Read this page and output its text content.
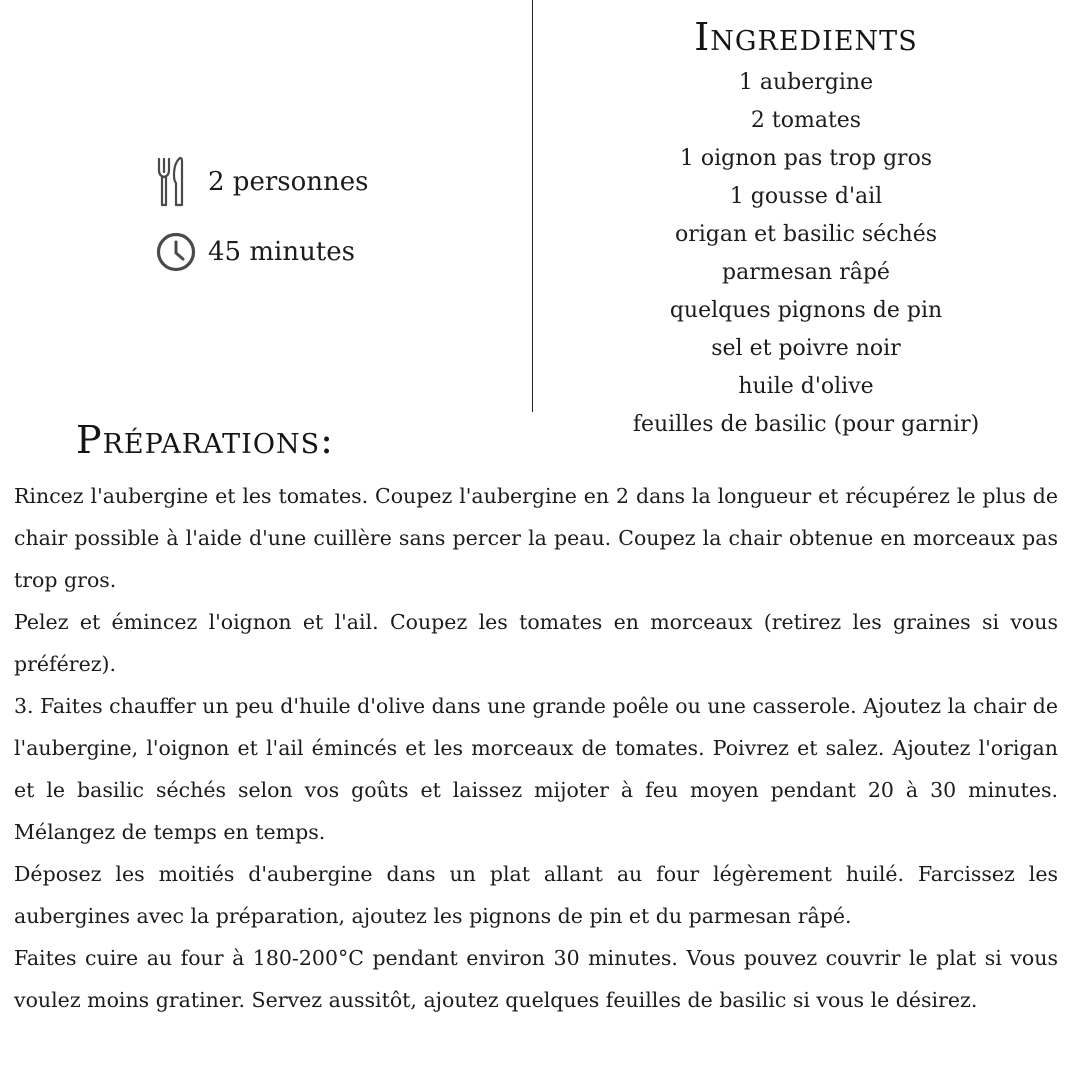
2 personnes
45 minutes
Ingredients
1 aubergine
2 tomates
1 oignon pas trop gros
1 gousse d'ail
origan et basilic séchés
parmesan râpé
quelques pignons de pin
sel et poivre noir
huile d'olive
feuilles de basilic (pour garnir)
Préparations:

Rincez l'aubergine et les tomates. Coupez l'aubergine en 2 dans la longueur et récupérez le plus de chair possible à l'aide d'une cuillère sans percer la peau. Coupez la chair obtenue en morceaux pas trop gros.

Pelez et émincez l'oignon et l'ail. Coupez les tomates en morceaux (retirez les graines si vous préférez).

3. Faites chauffer un peu d'huile d'olive dans une grande poêle ou une casserole. Ajoutez la chair de l'aubergine, l'oignon et l'ail émincés et les morceaux de tomates. Poivrez et salez. Ajoutez l'origan et le basilic séchés selon vos goûts et laissez mijoter à feu moyen pendant 20 à 30 minutes. Mélangez de temps en temps.

Déposez les moitiés d'aubergine dans un plat allant au four légèrement huilé. Farcissez les aubergines avec la préparation, ajoutez les pignons de pin et du parmesan râpé.

Faites cuire au four à 180-200°C pendant environ 30 minutes. Vous pouvez couvrir le plat si vous voulez moins gratiner. Servez aussitôt, ajoutez quelques feuilles de basilic si vous le désirez.
